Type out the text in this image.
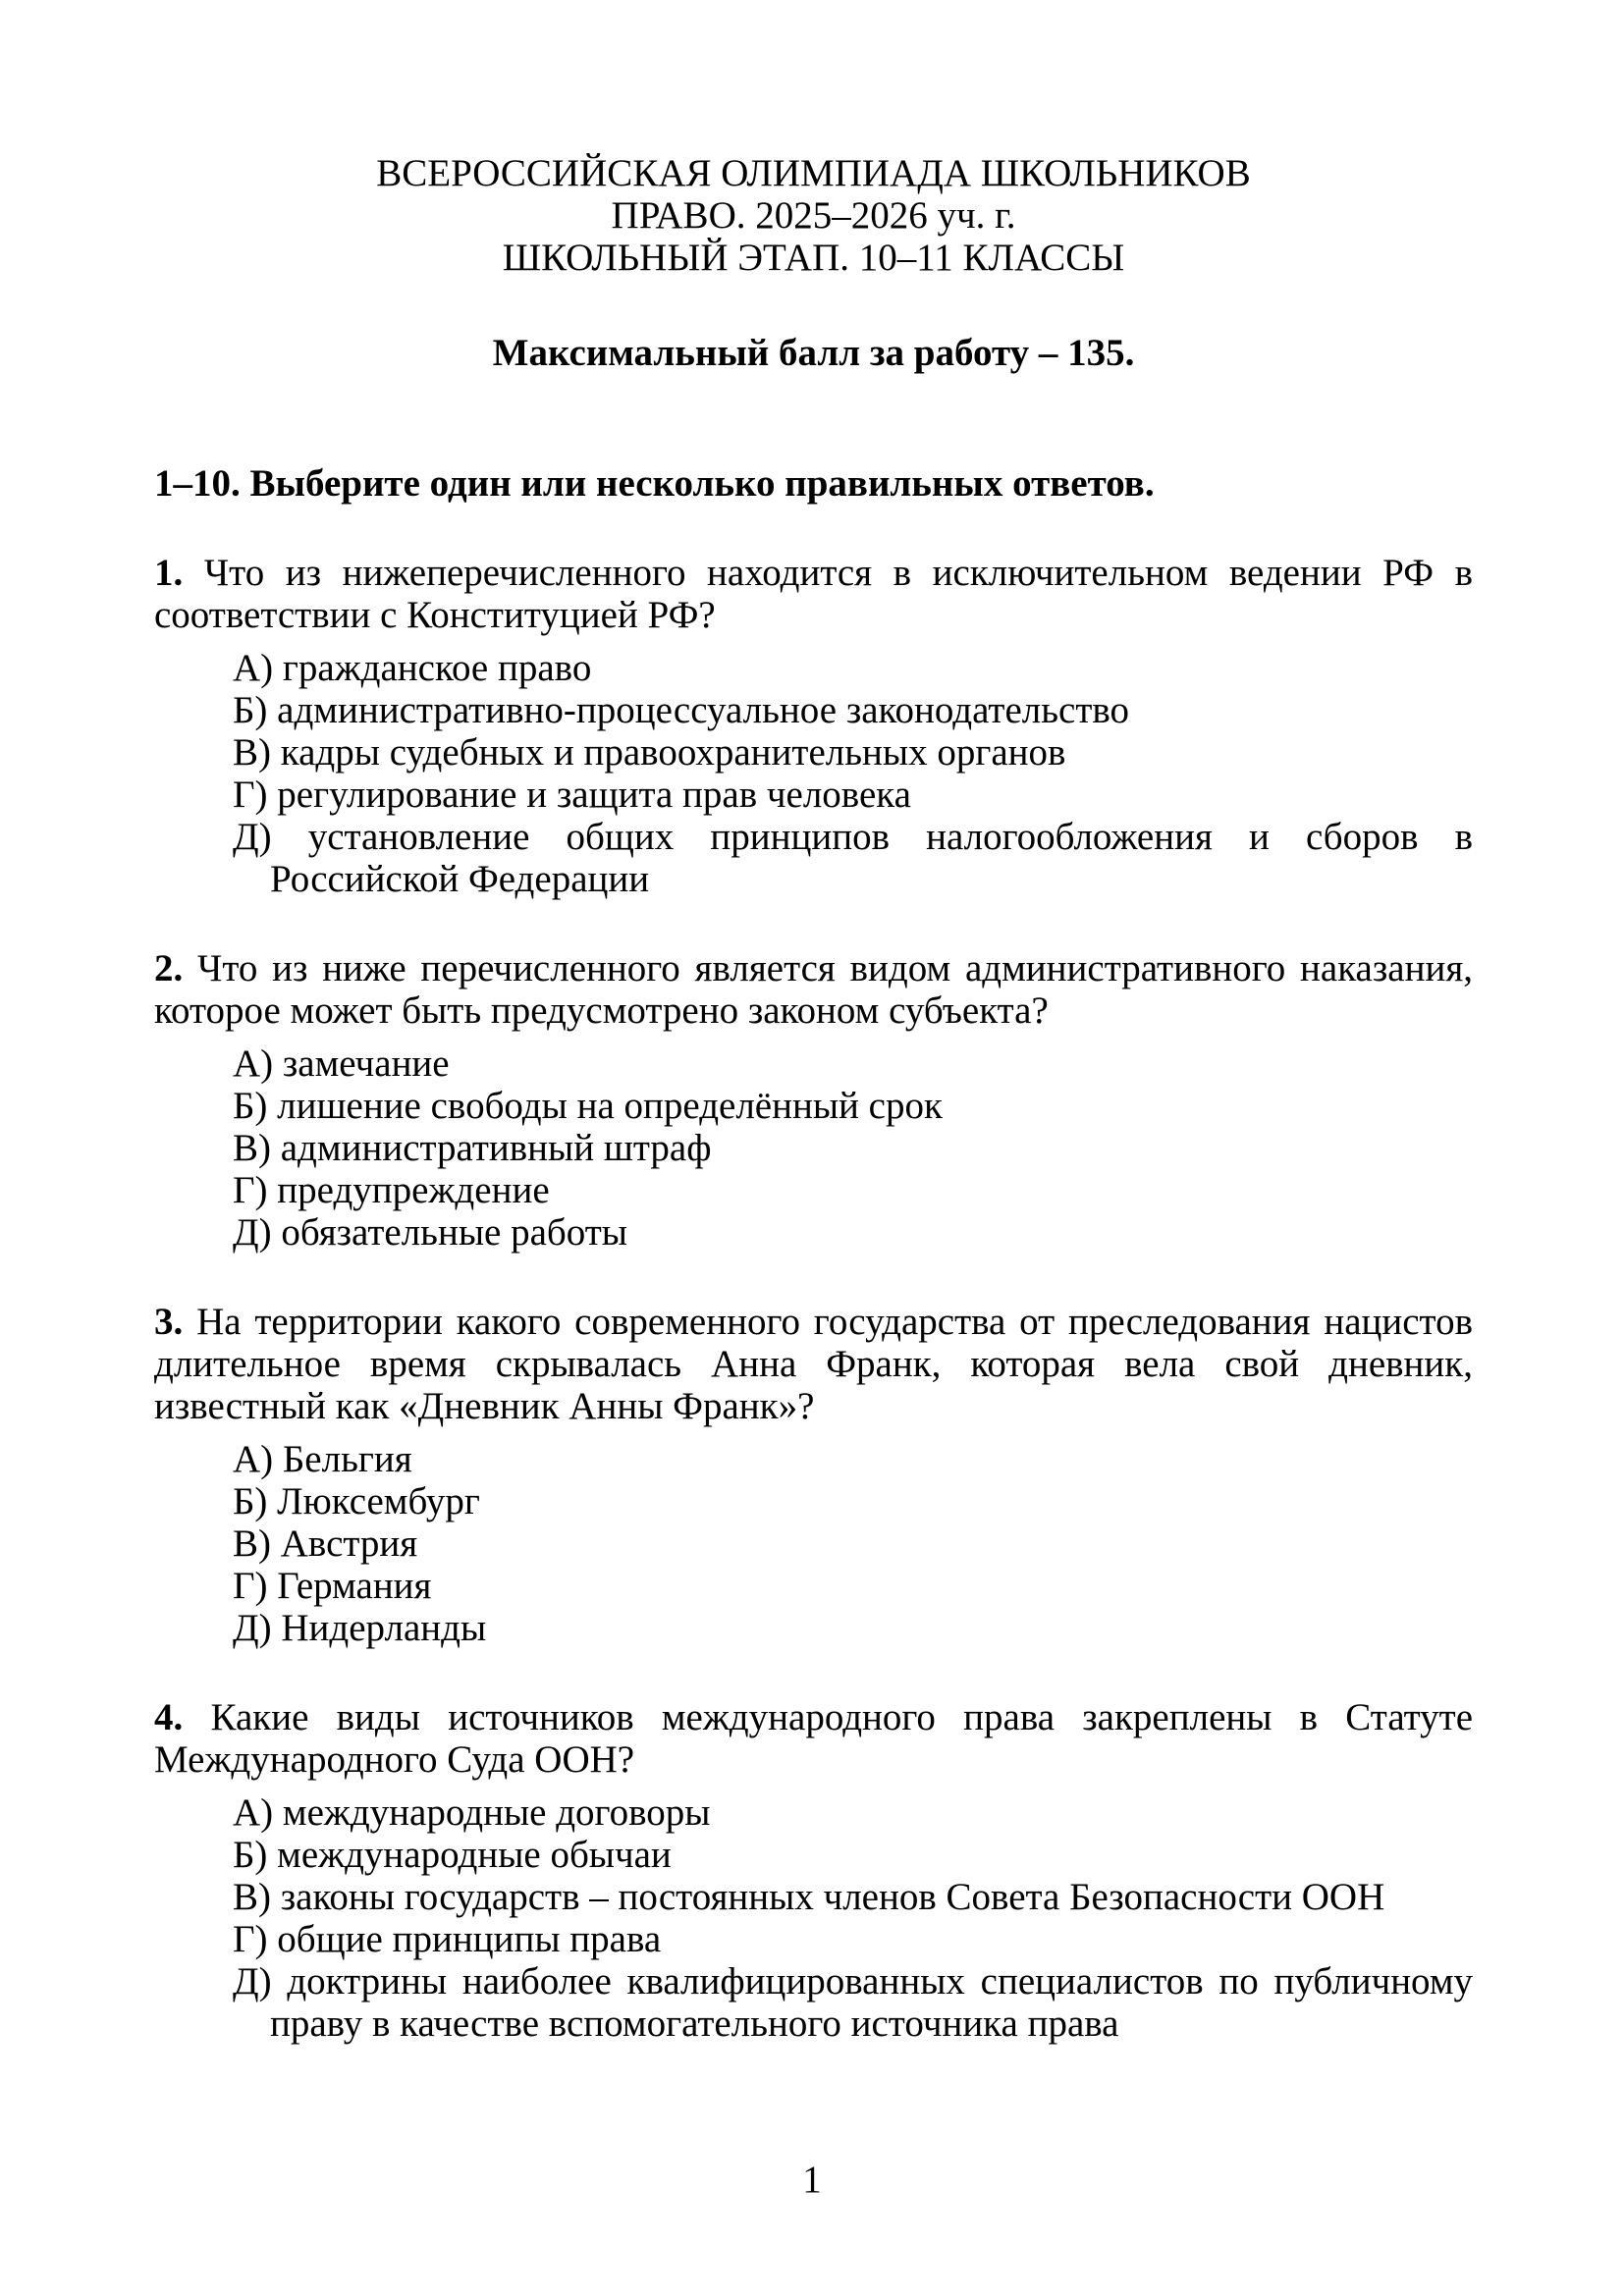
ВСЕРОССИЙСКАЯ ОЛИМПИАДА ШКОЛЬНИКОВ
ПРАВО. 2025–2026 уч. г.
ШКОЛЬНЫЙ ЭТАП. 10–11 КЛАССЫ
Максимальный балл за работу – 135.

1–10. Выберите один или несколько правильных ответов.

1. Что из нижеперечисленного находится в исключительном ведении РФ в соответствии с Конституцией РФ?

А) гражданское право
Б) административно-процессуальное законодательство
В) кадры судебных и правоохранительных органов
Г) регулирование и защита прав человека
Д) установление общих принципов налогообложения и сборов в Российской Федерации

2. Что из ниже перечисленного является видом административного наказания, которое может быть предусмотрено законом субъекта?

А) замечание
Б) лишение свободы на определённый срок
В) административный штраф
Г) предупреждение
Д) обязательные работы

3. На территории какого современного государства от преследования нацистов длительное время скрывалась Анна Франк, которая вела свой дневник, известный как «Дневник Анны Франк»?

А) Бельгия
Б) Люксембург
В) Австрия
Г) Германия
Д) Нидерланды

4. Какие виды источников международного права закреплены в Статуте Международного Суда ООН?

А) международные договоры
Б) международные обычаи
В) законы государств – постоянных членов Совета Безопасности ООН
Г) общие принципы права
Д) доктрины наиболее квалифицированных специалистов по публичному праву в качестве вспомогательного источника права
1
